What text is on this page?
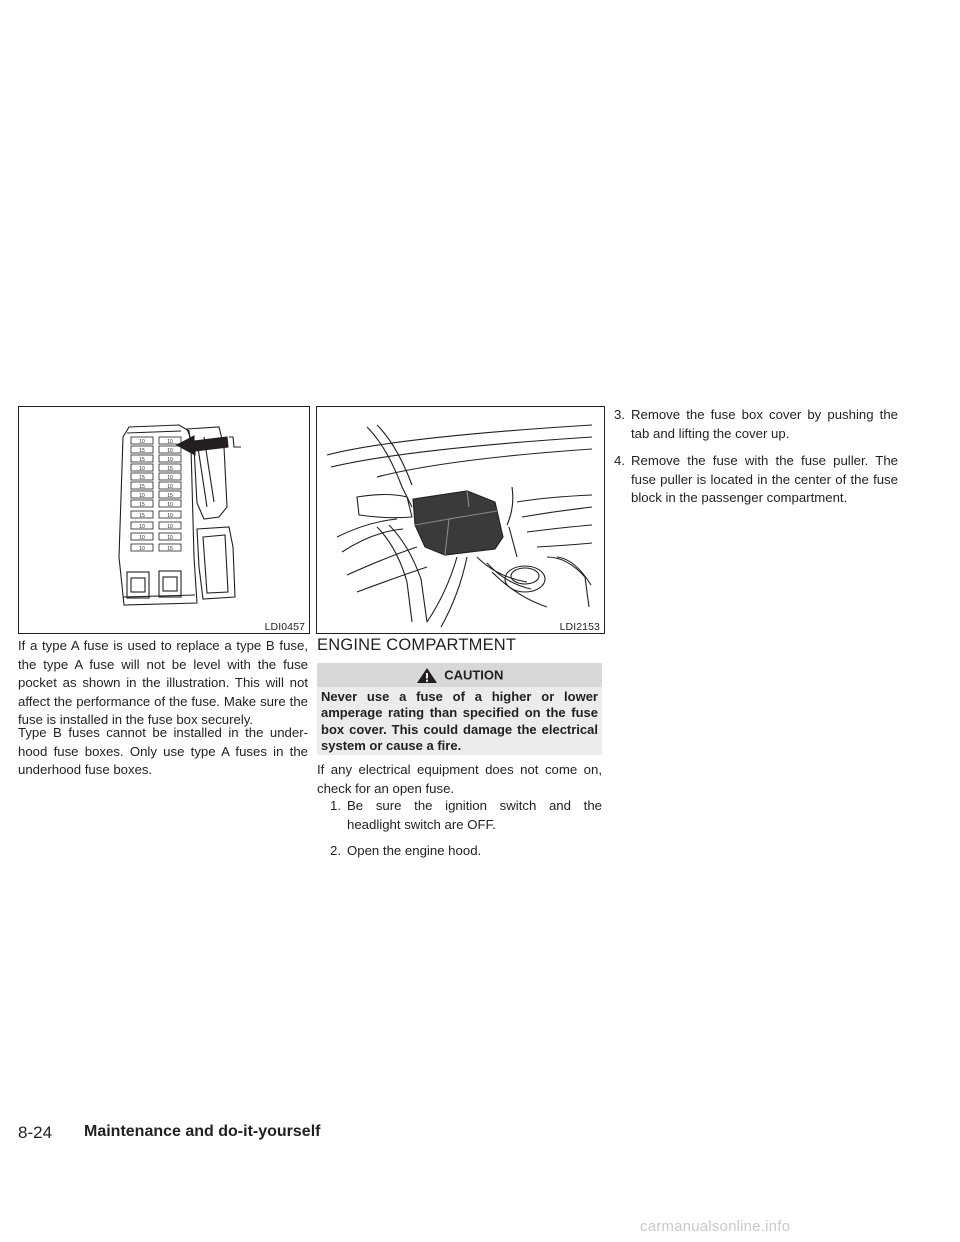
10	10
15	10
15	10
10	15
15	10
15	10
10	15
15	10
15	10
10	10
10	10
10	15
LDI0457	LDI2153

If a type A fuse is used to replace a type B fuse, the type A fuse will not be level with the fuse pocket as shown in the illustration. This will not affect the performance of the fuse. Make sure the fuse is installed in the fuse box securely.

Type B fuses cannot be installed in the under-hood fuse boxes. Only use type A fuses in the underhood fuse boxes.

ENGINE COMPARTMENT
CAUTION

Never use a fuse of a higher or lower amperage rating than specified on the fuse box cover. This could damage the electrical system or cause a fire.

If any electrical equipment does not come on, check for an open fuse.

1. Be sure the ignition switch and the headlight switch are OFF.
2. Open the engine hood.
3. Remove the fuse box cover by pushing the tab and lifting the cover up.
4. Remove the fuse with the fuse puller. The fuse puller is located in the center of the fuse block in the passenger compartment.
8-24 Maintenance and do-it-yourself
carmanualsonline.info
